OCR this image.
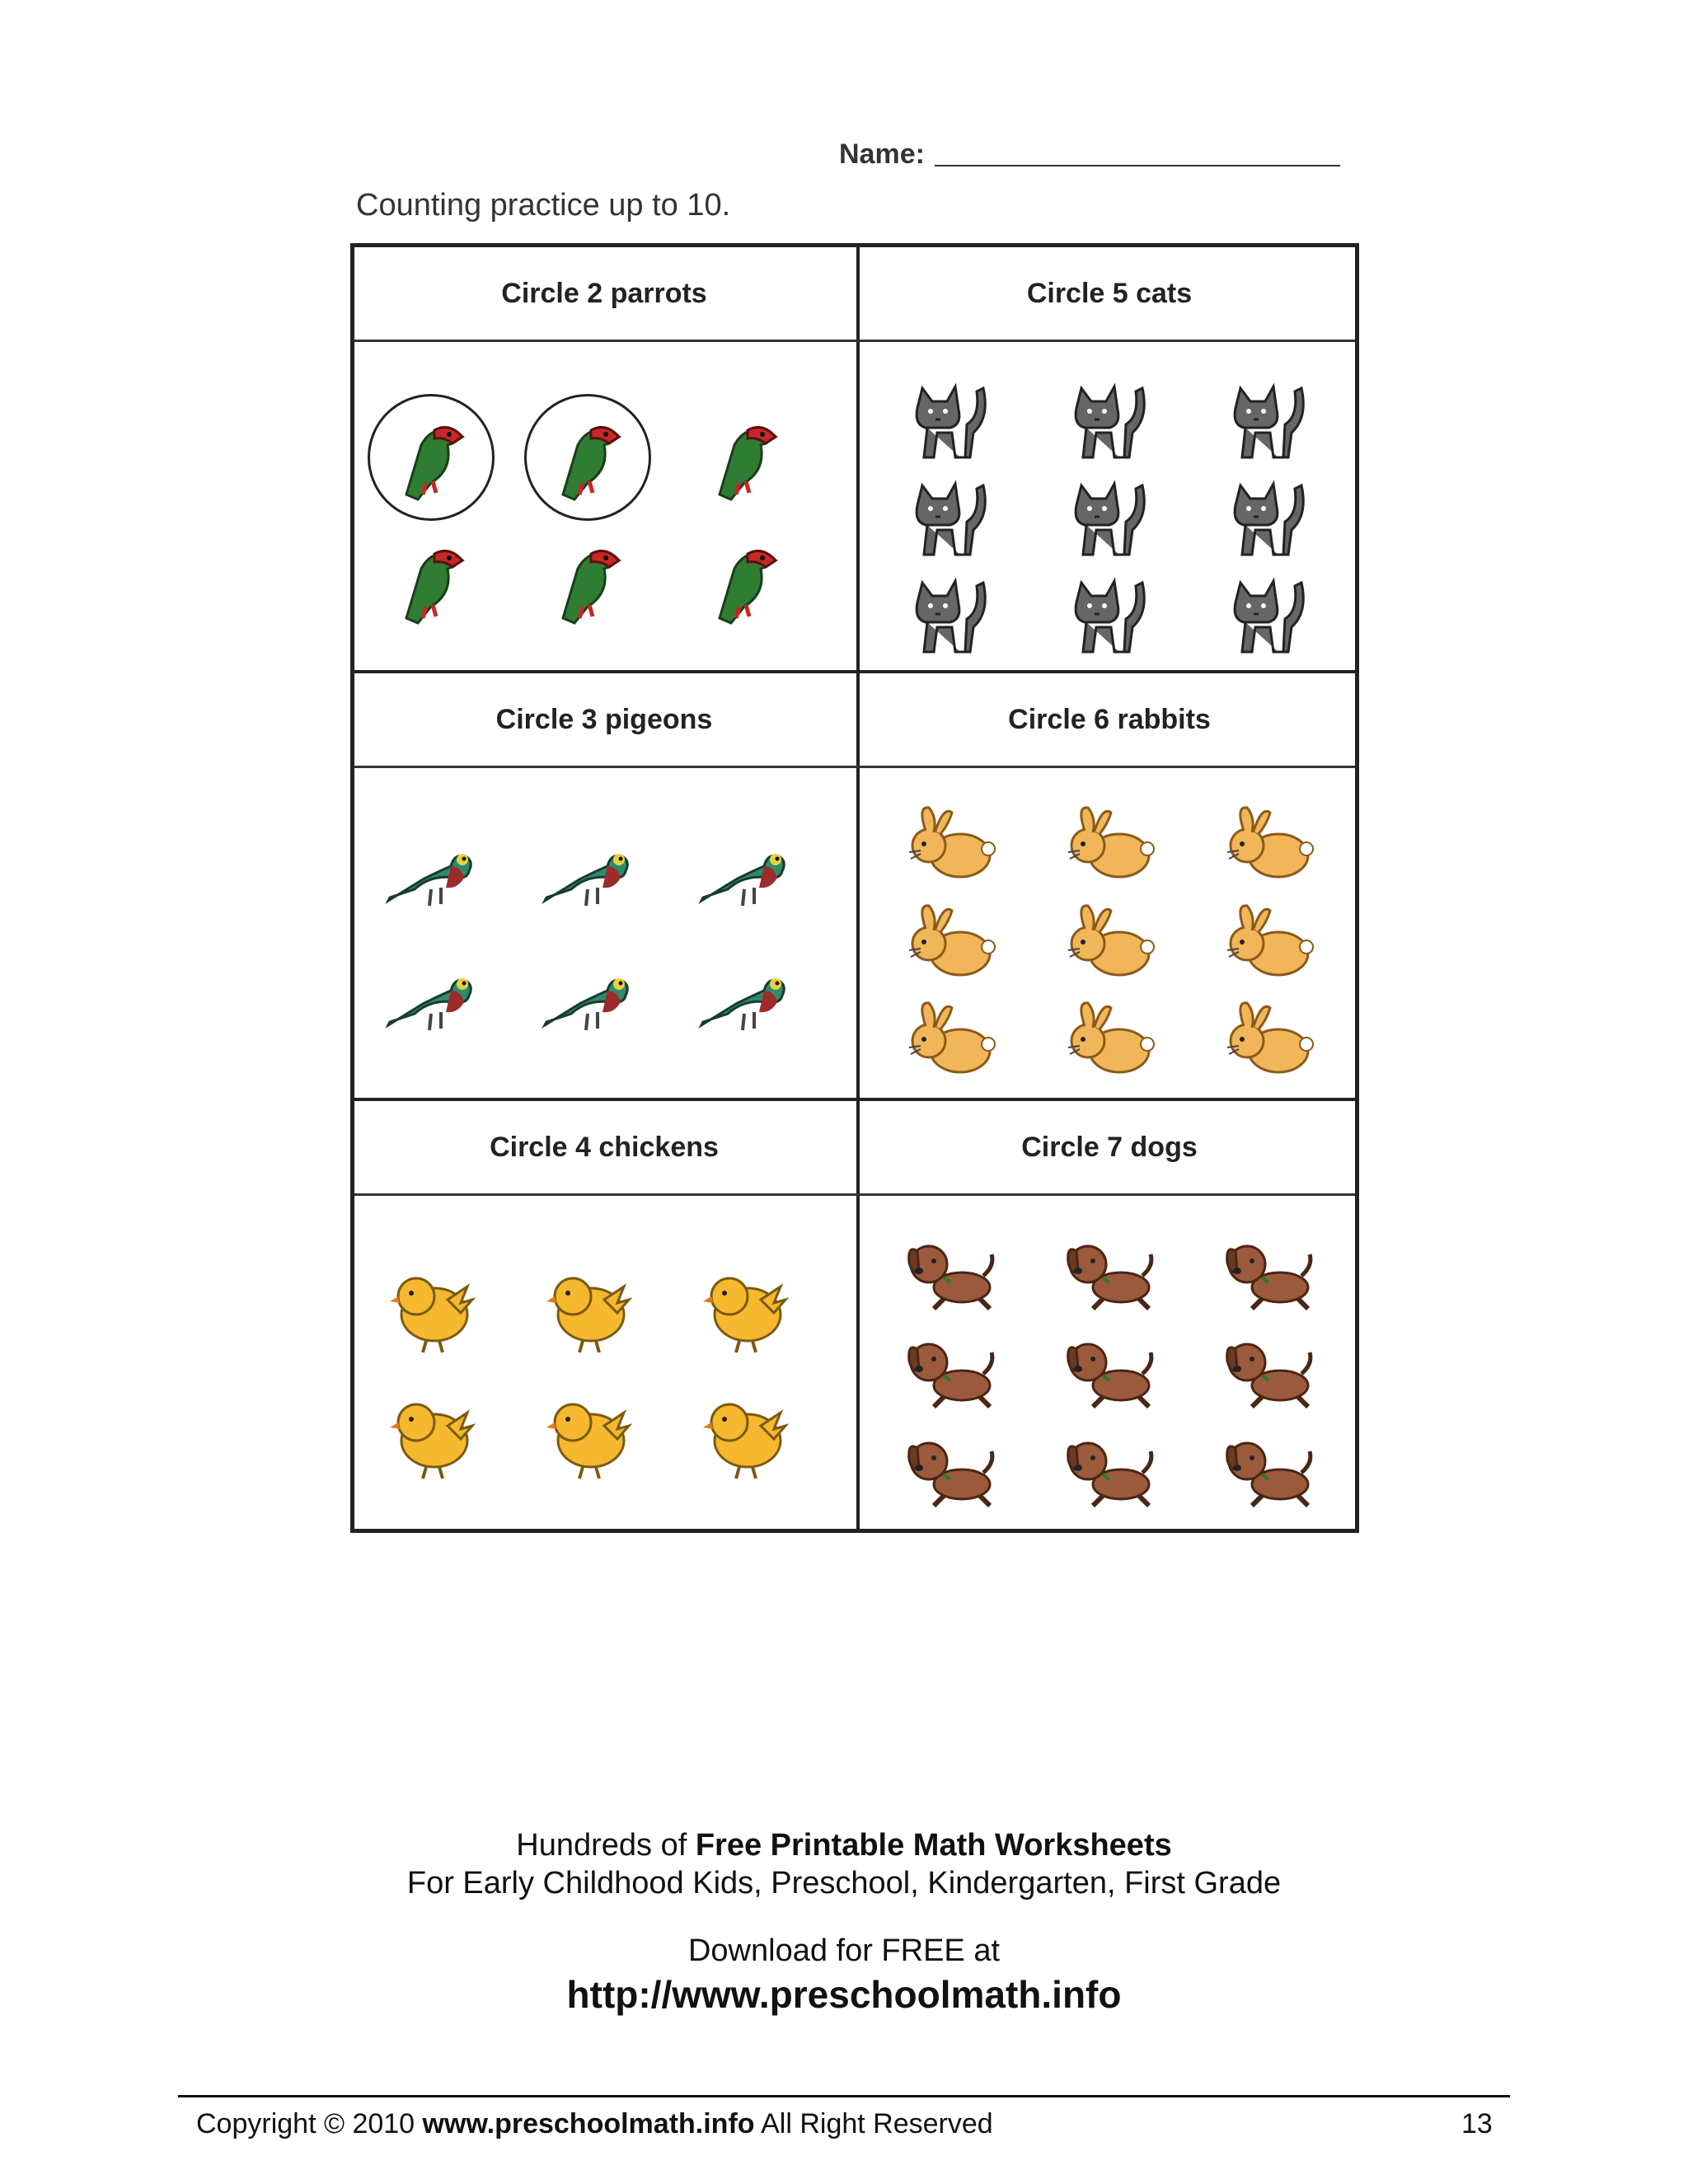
Name:
Counting practice up to 10.
Circle 2 parrots	Circle 5 cats
Circle 3 pigeons	Circle 6 rabbits
Circle 4 chickens	Circle 7 dogs
Hundreds of Free Printable Math Worksheets
For Early Childhood Kids, Preschool, Kindergarten, First Grade
Download for FREE at
http://www.preschoolmath.info
Copyright © 2010 www.preschoolmath.info All Right Reserved	13
